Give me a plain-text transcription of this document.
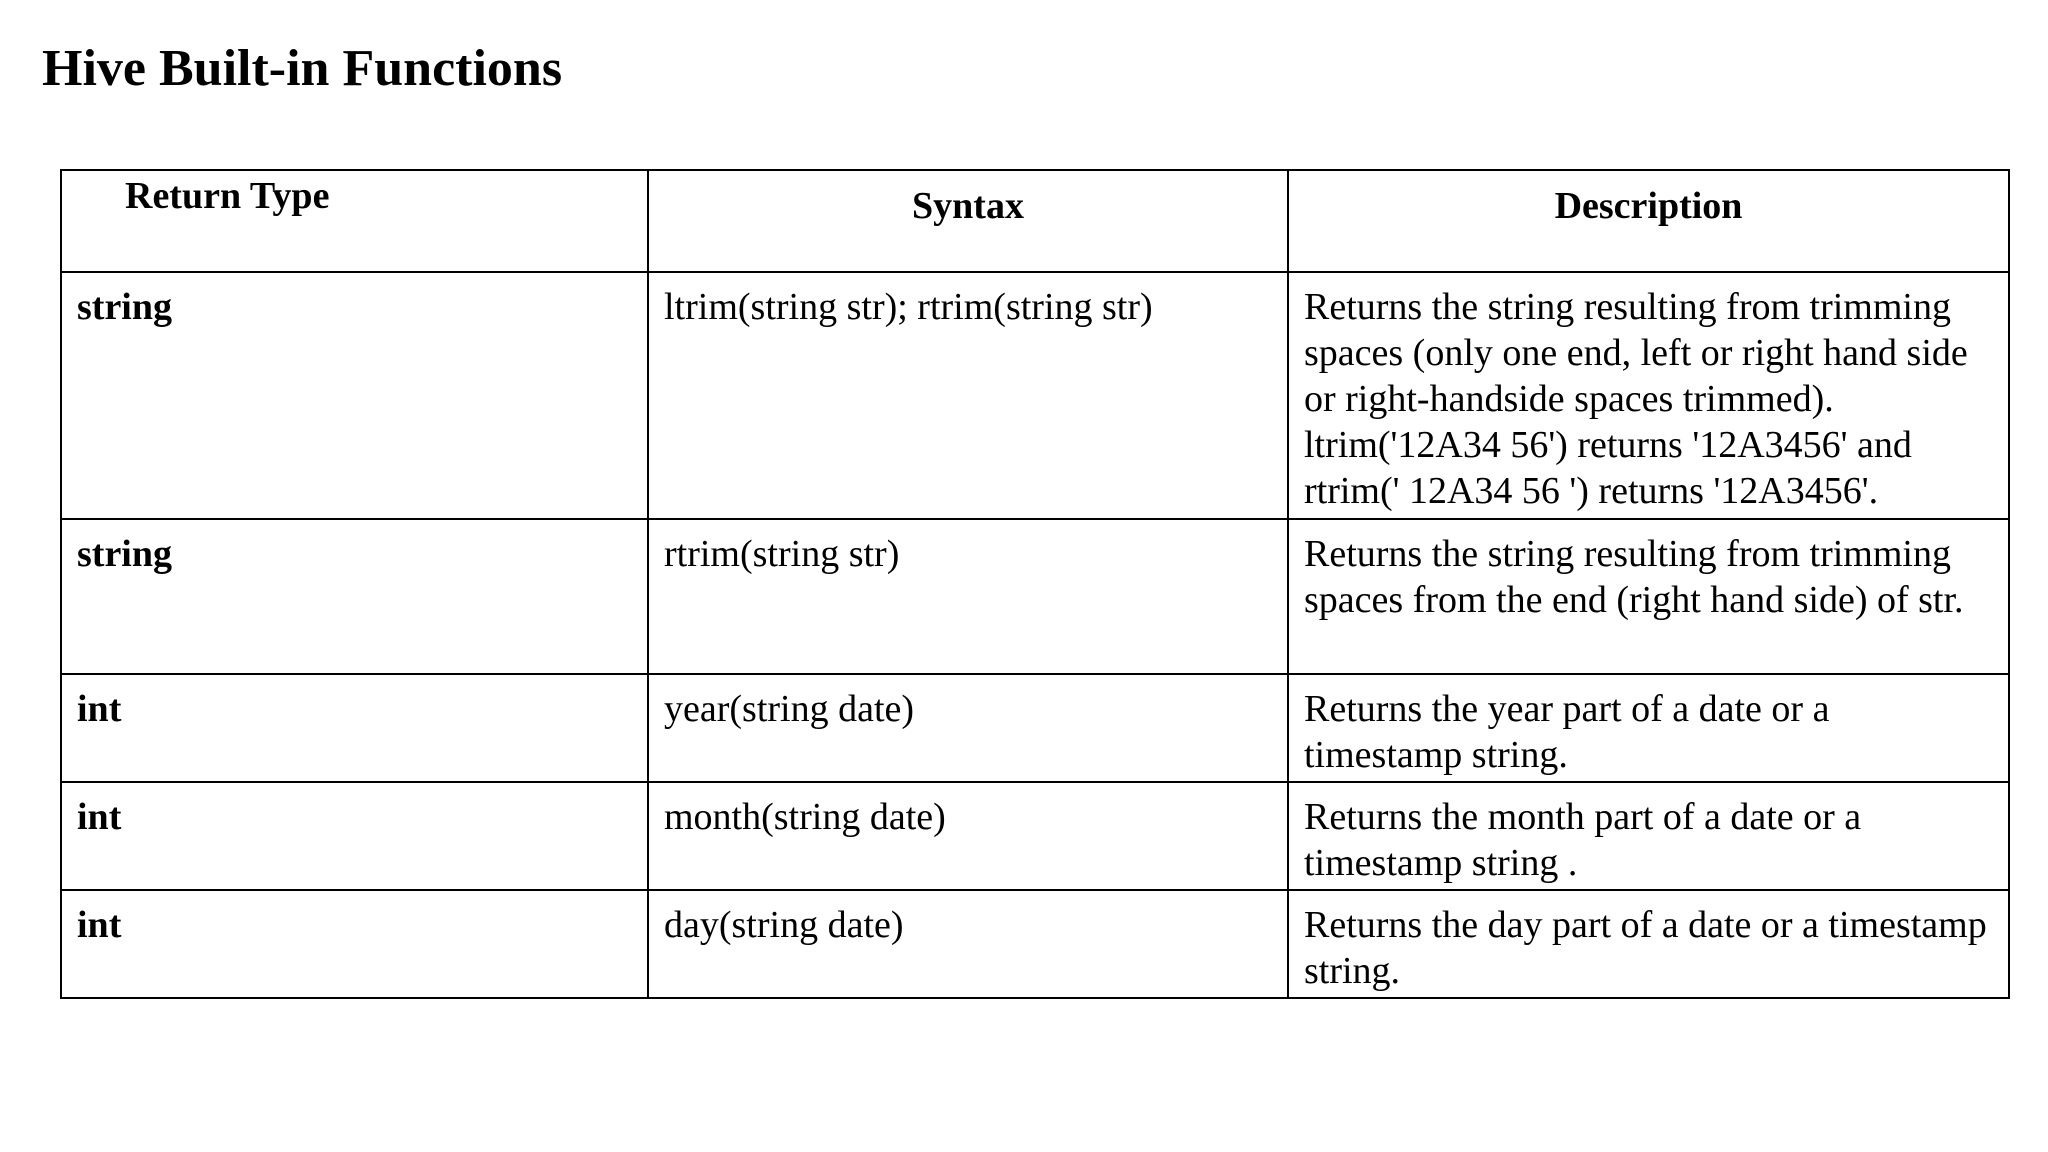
Hive Built-in Functions
Return Type	Syntax	Description
string	ltrim(string str); rtrim(string str)	Returns the string resulting from trimming spaces (only one end, left or right hand side or right-handside spaces trimmed). ltrim('12A34 56') returns '12A3456' and rtrim(' 12A34 56 ') returns '12A3456'.
string	rtrim(string str)	Returns the string resulting from trimming spaces from the end (right hand side) of str.
int	year(string date)	Returns the year part of a date or a timestamp string.
int	month(string date)	Returns the month part of a date or a timestamp string .
int	day(string date)	Returns the day part of a date or a timestamp string.
